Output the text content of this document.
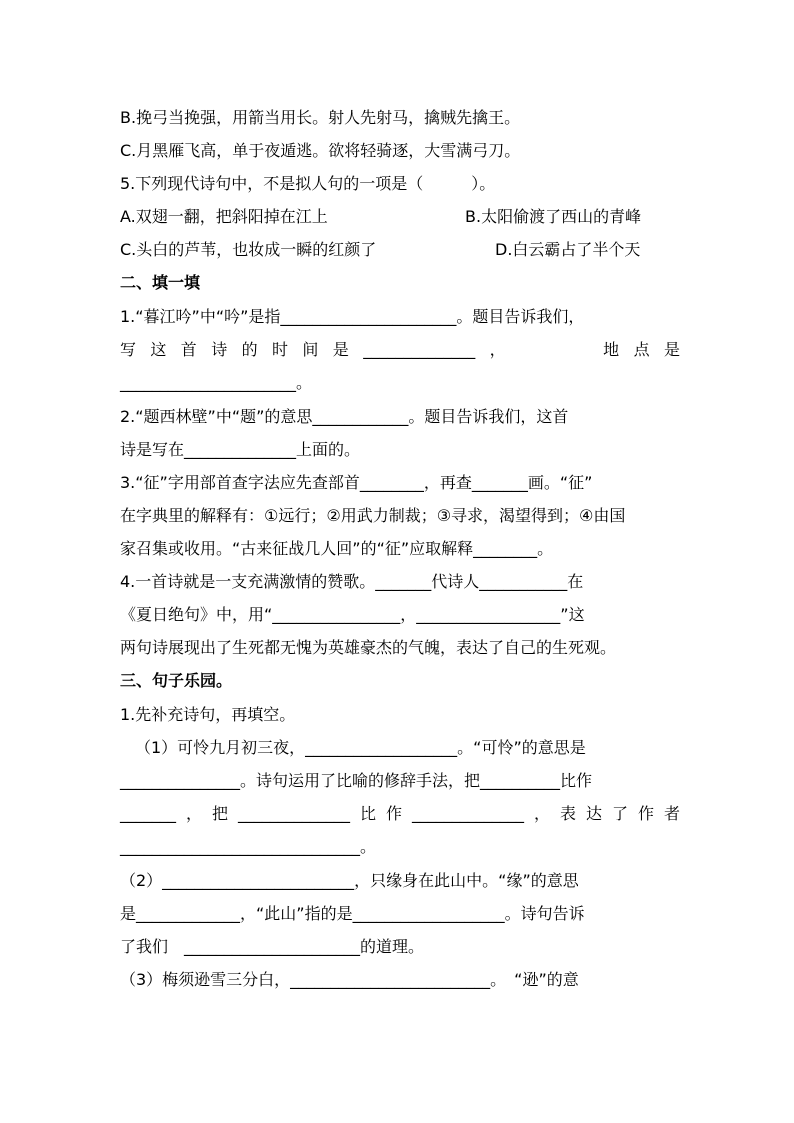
B.挽弓当挽强，用箭当用长。射人先射马，擒贼先擒王。
C.月黑雁飞高，单于夜遁逃。欲将轻骑逐，大雪满弓刀。
5.下列现代诗句中，不是拟人句的一项是（　　　）。
A.双翅一翻，把斜阳掉在江上	B.太阳偷渡了西山的青峰
C.头白的芦苇，也妆成一瞬的红颜了	D.白云霸占了半个天
二、填一填
1.“暮江吟”中“吟”是指______________________。题目告诉我们，
写这首诗的时间是______________，　　　地点是
______________________。
2.“题西林壁”中“题”的意思____________。题目告诉我们，这首
诗是写在______________上面的。
3.“征”字用部首查字法应先查部首________，再查_______画。“征”
在字典里的解释有：①远行；②用武力制裁；③寻求，渴望得到；④由国
家召集或收用。“古来征战几人回”的“征”应取解释________。
4.一首诗就是一支充满激情的赞歌。_______代诗人___________在
《夏日绝句》中，用“________________，__________________”这
两句诗展现出了生死都无愧为英雄豪杰的气魄，表达了自己的生死观。
三、句子乐园。
1.先补充诗句，再填空。
（1）可怜九月初三夜，___________________。“可怜”的意思是
_______________。诗句运用了比喻的修辞手法，把__________比作
_______，把______________比作______________，表达了作者
______________________________。
（2）________________________，只缘身在此山中。“缘”的意思
是_____________，“此山”指的是___________________。诗句告诉
了我们　______________________的道理。
（3）梅须逊雪三分白，_________________________。　“逊”的意
